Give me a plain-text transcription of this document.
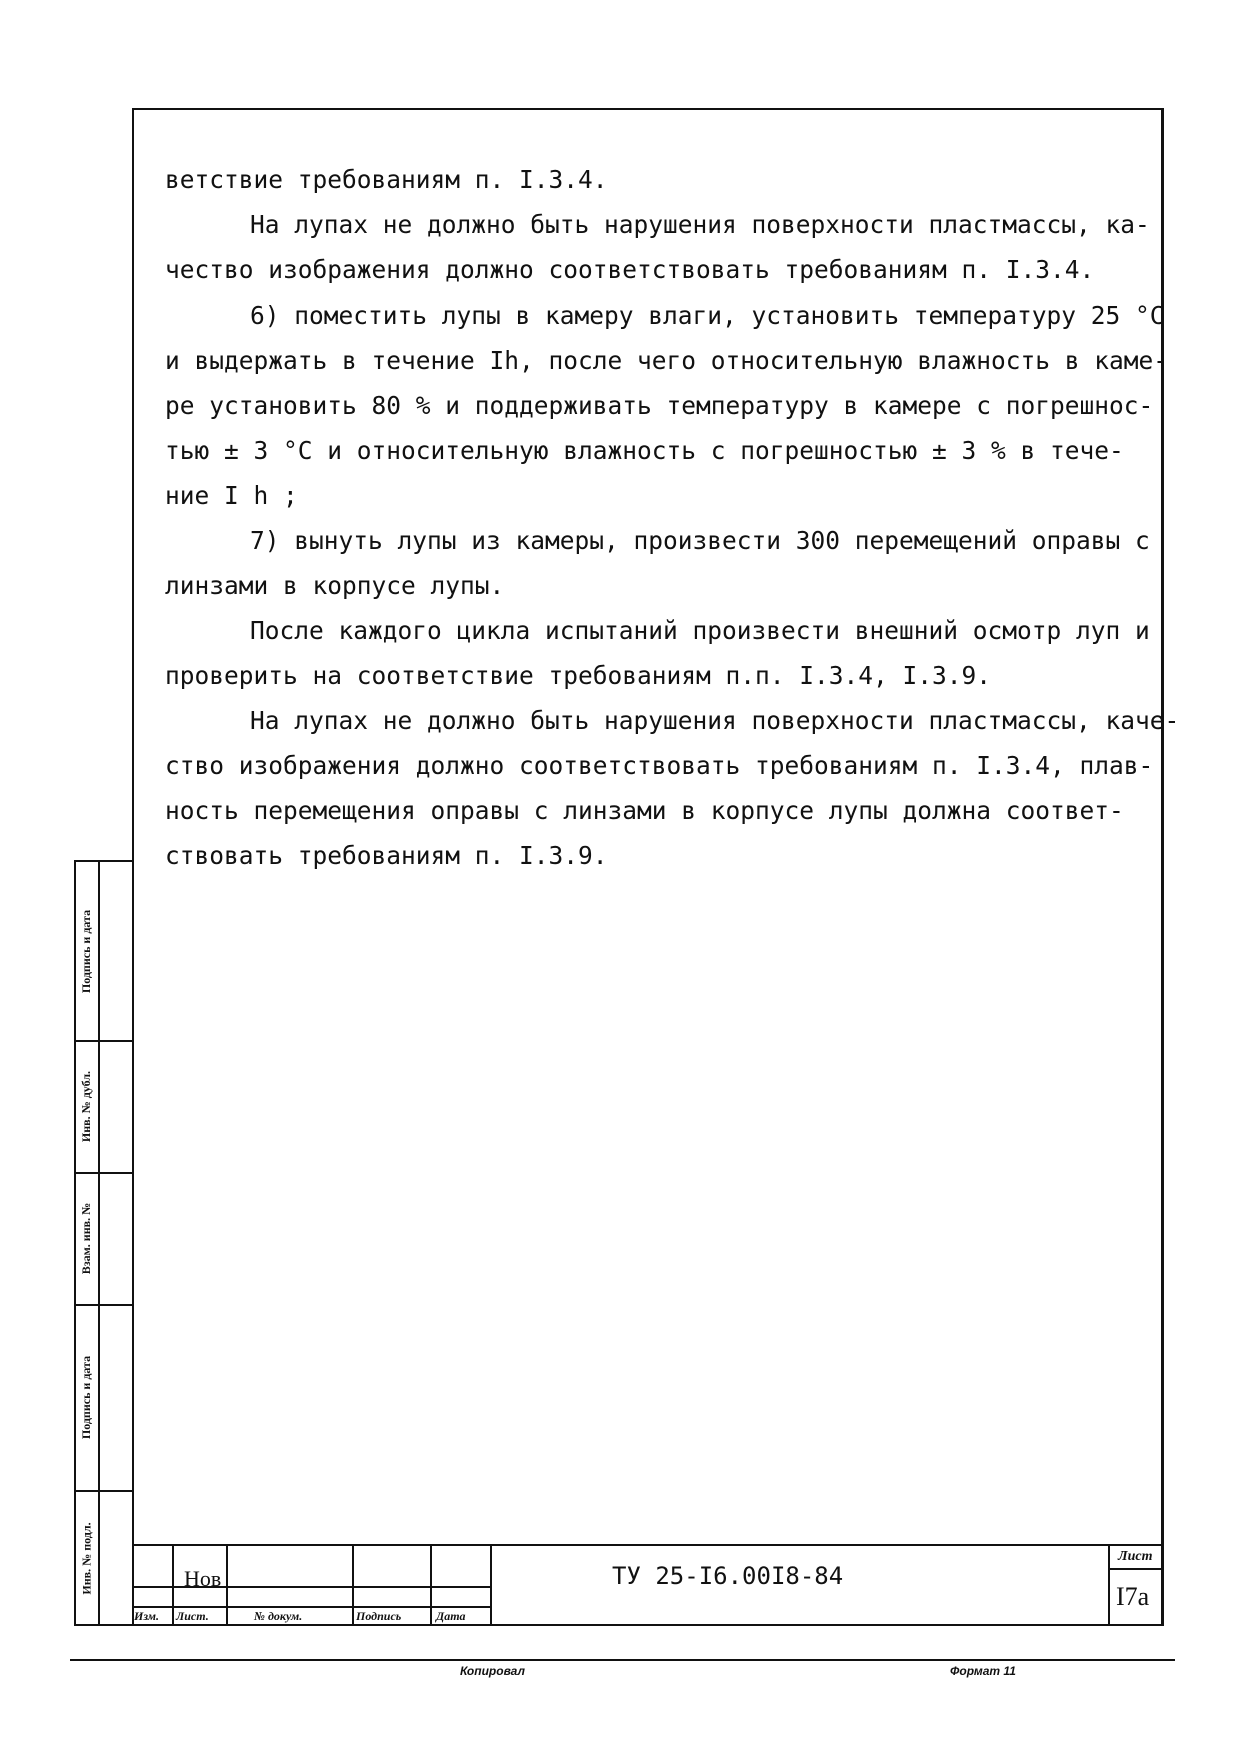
ветствие требованиям п. I.3.4.

На лупах не должно быть нарушения поверхности пластмассы, ка-

чество изображения должно соответствовать требованиям п. I.3.4.

6) поместить лупы в камеру влаги, установить температуру 25 °С

и выдержать в течение Ih, после чего относительную влажность в каме-

ре установить 80 % и поддерживать температуру в камере с погрешнос-

тью ± 3 °С и относительную влажность с погрешностью ± 3 % в тече-

ние I h ;

7) вынуть лупы из камеры, произвести 300 перемещений оправы с

линзами в корпусе лупы.

После каждого цикла испытаний произвести внешний осмотр луп и

проверить на соответствие требованиям п.п. I.3.4, I.3.9.

На лупах не должно быть нарушения поверхности пластмассы, каче-

ство изображения должно соответствовать требованиям п. I.3.4, плав-

ность перемещения оправы с линзами в корпусе лупы должна соответ-

ствовать требованиям п. I.3.9.

Подпись и дата
Инв. № дубл.
Взам. инв. №
Подпись и дата
Инв. № подл.	Нов
Изм. Лист.	№ докум.	Подпись	Дата
ТУ 25-I6.00I8-84
Лист
I7а
Копировал	Формат 11
